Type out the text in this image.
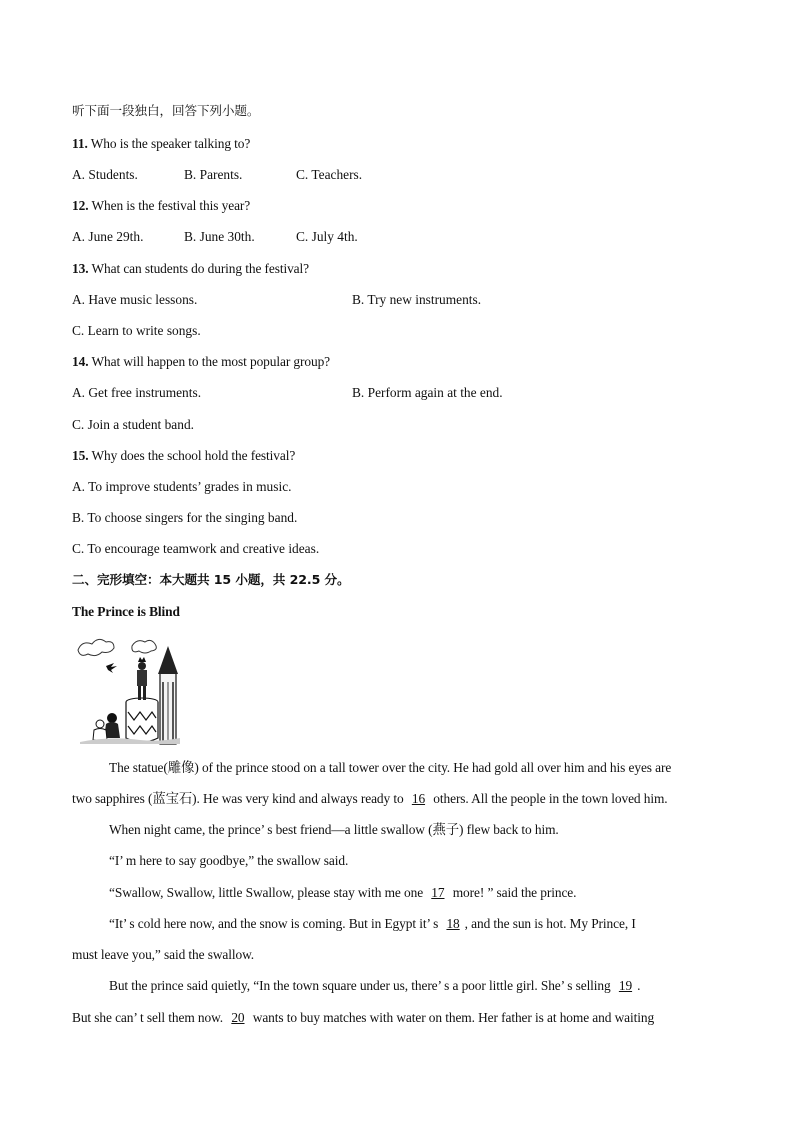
听下面一段独白，回答下列小题。
11. Who is the speaker talking to?
A. Students.	B. Parents.	C. Teachers.
12. When is the festival this year?
A. June 29th.	B. June 30th.	C. July 4th.
13. What can students do during the festival?
A. Have music lessons.	B. Try new instruments.
C. Learn to write songs.
14. What will happen to the most popular group?
A. Get free instruments.	B. Perform again at the end.
C. Join a student band.
15. Why does the school hold the festival?
A. To improve students’ grades in music.
B. To choose singers for the singing band.
C. To encourage teamwork and creative ideas.
二、完形填空：本大题共 15 小题，共 22.5 分。
The Prince is Blind
The statue(雕像) of the prince stood on a tall tower over the city. He had gold all over him and his eyes are
two sapphires (蓝宝石). He was very kind and always ready to 16 others. All the people in the town loved him.
When night came, the prince’ s best friend—a little swallow (燕子) flew back to him.
“I’ m here to say goodbye,” the swallow said.
“Swallow, Swallow, little Swallow, please stay with me one 17 more! ” said the prince.
“It’ s cold here now, and the snow is coming. But in Egypt it’ s 18 , and the sun is hot. My Prince, I
must leave you,” said the swallow.
But the prince said quietly, “In the town square under us, there’ s a poor little girl. She’ s selling 19 .
But she can’ t sell them now. 20 wants to buy matches with water on them. Her father is at home and waiting
